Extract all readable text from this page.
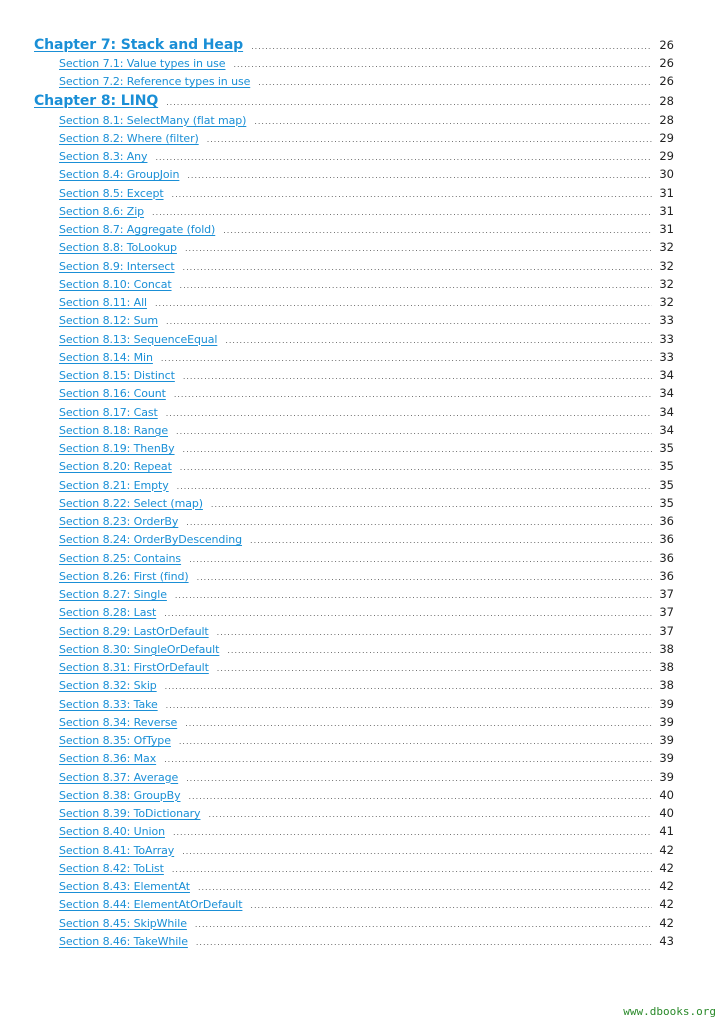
Chapter 7: Stack and Heap .....	26
Section 7.1: Value types in use .....	26
Section 7.2: Reference types in use .....	26
Chapter 8: LINQ .....	28
Section 8.1: SelectMany (flat map) .....	28
Section 8.2: Where (filter) .....	29
Section 8.3: Any .....	29
Section 8.4: GroupJoin .....	30
Section 8.5: Except .....	31
Section 8.6: Zip .....	31
Section 8.7: Aggregate (fold) .....	31
Section 8.8: ToLookup .....	32
Section 8.9: Intersect .....	32
Section 8.10: Concat .....	32
Section 8.11: All .....	32
Section 8.12: Sum .....	33
Section 8.13: SequenceEqual .....	33
Section 8.14: Min .....	33
Section 8.15: Distinct .....	34
Section 8.16: Count .....	34
Section 8.17: Cast .....	34
Section 8.18: Range .....	34
Section 8.19: ThenBy .....	35
Section 8.20: Repeat .....	35
Section 8.21: Empty .....	35
Section 8.22: Select (map) .....	35
Section 8.23: OrderBy .....	36
Section 8.24: OrderByDescending .....	36
Section 8.25: Contains .....	36
Section 8.26: First (find) .....	36
Section 8.27: Single .....	37
Section 8.28: Last .....	37
Section 8.29: LastOrDefault .....	37
Section 8.30: SingleOrDefault .....	38
Section 8.31: FirstOrDefault .....	38
Section 8.32: Skip .....	38
Section 8.33: Take .....	39
Section 8.34: Reverse .....	39
Section 8.35: OfType .....	39
Section 8.36: Max .....	39
Section 8.37: Average .....	39
Section 8.38: GroupBy .....	40
Section 8.39: ToDictionary .....	40
Section 8.40: Union .....	41
Section 8.41: ToArray .....	42
Section 8.42: ToList .....	42
Section 8.43: ElementAt .....	42
Section 8.44: ElementAtOrDefault .....	42
Section 8.45: SkipWhile .....	42
Section 8.46: TakeWhile .....	43
www.dbooks.org
